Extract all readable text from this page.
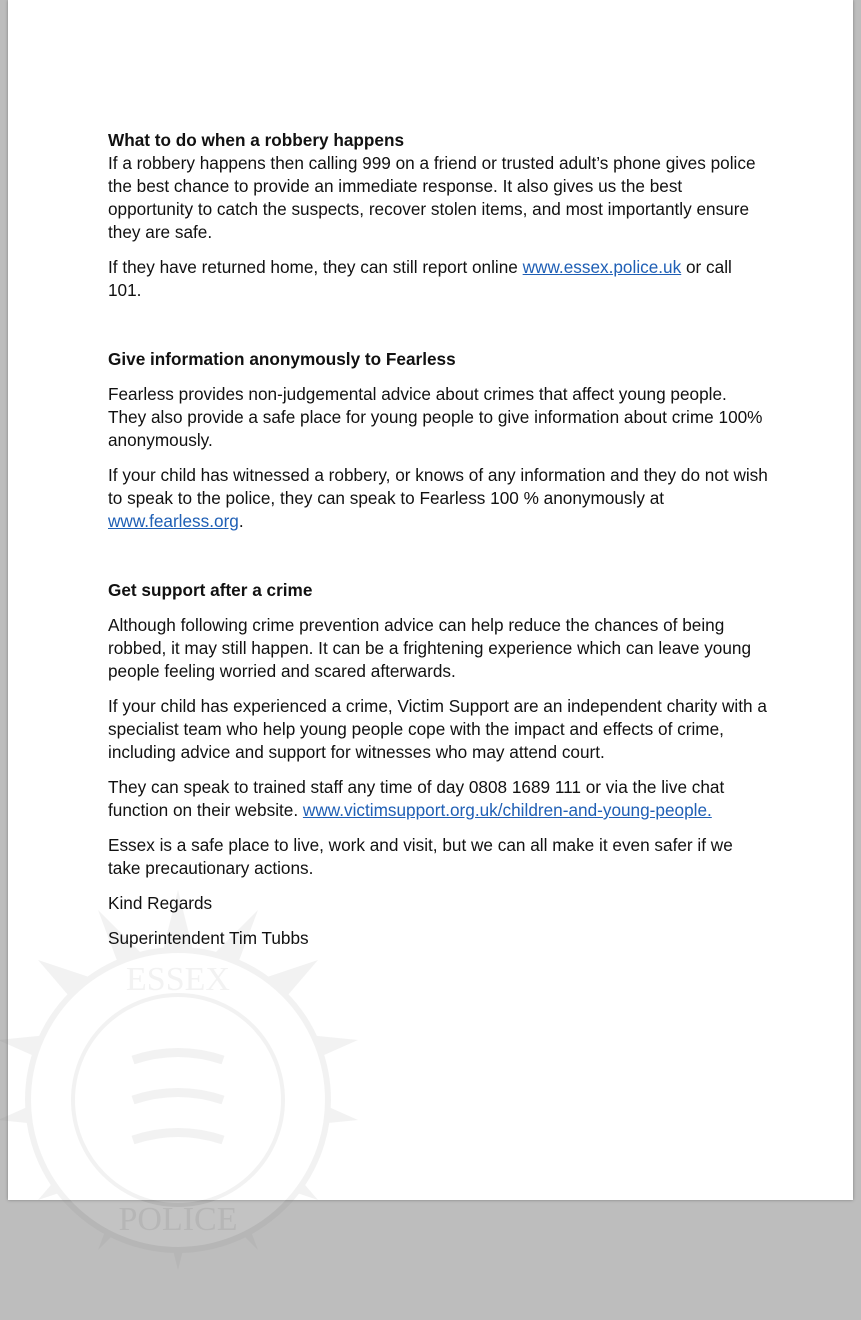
ESSEX
POLICE

What to do when a robbery happens

If a robbery happens then calling 999 on a friend or trusted adult’s phone gives police the best chance to provide an immediate response. It also gives us the best opportunity to catch the suspects, recover stolen items, and most importantly ensure they are safe.

If they have returned home, they can still report online www.essex.police.uk or call 101.

Give information anonymously to Fearless

Fearless provides non-judgemental advice about crimes that affect young people. They also provide a safe place for young people to give information about crime 100% anonymously.

If your child has witnessed a robbery, or knows of any information and they do not wish to speak to the police, they can speak to Fearless 100 % anonymously at www.fearless.org.

Get support after a crime

Although following crime prevention advice can help reduce the chances of being robbed, it may still happen. It can be a frightening experience which can leave young people feeling worried and scared afterwards.

If your child has experienced a crime, Victim Support are an independent charity with a specialist team who help young people cope with the impact and effects of crime, including advice and support for witnesses who may attend court.

They can speak to trained staff any time of day 0808 1689 111 or via the live chat function on their website. www.victimsupport.org.uk/children-and-young-people.

Essex is a safe place to live, work and visit, but we can all make it even safer if we take precautionary actions.

Kind Regards

Superintendent Tim Tubbs
